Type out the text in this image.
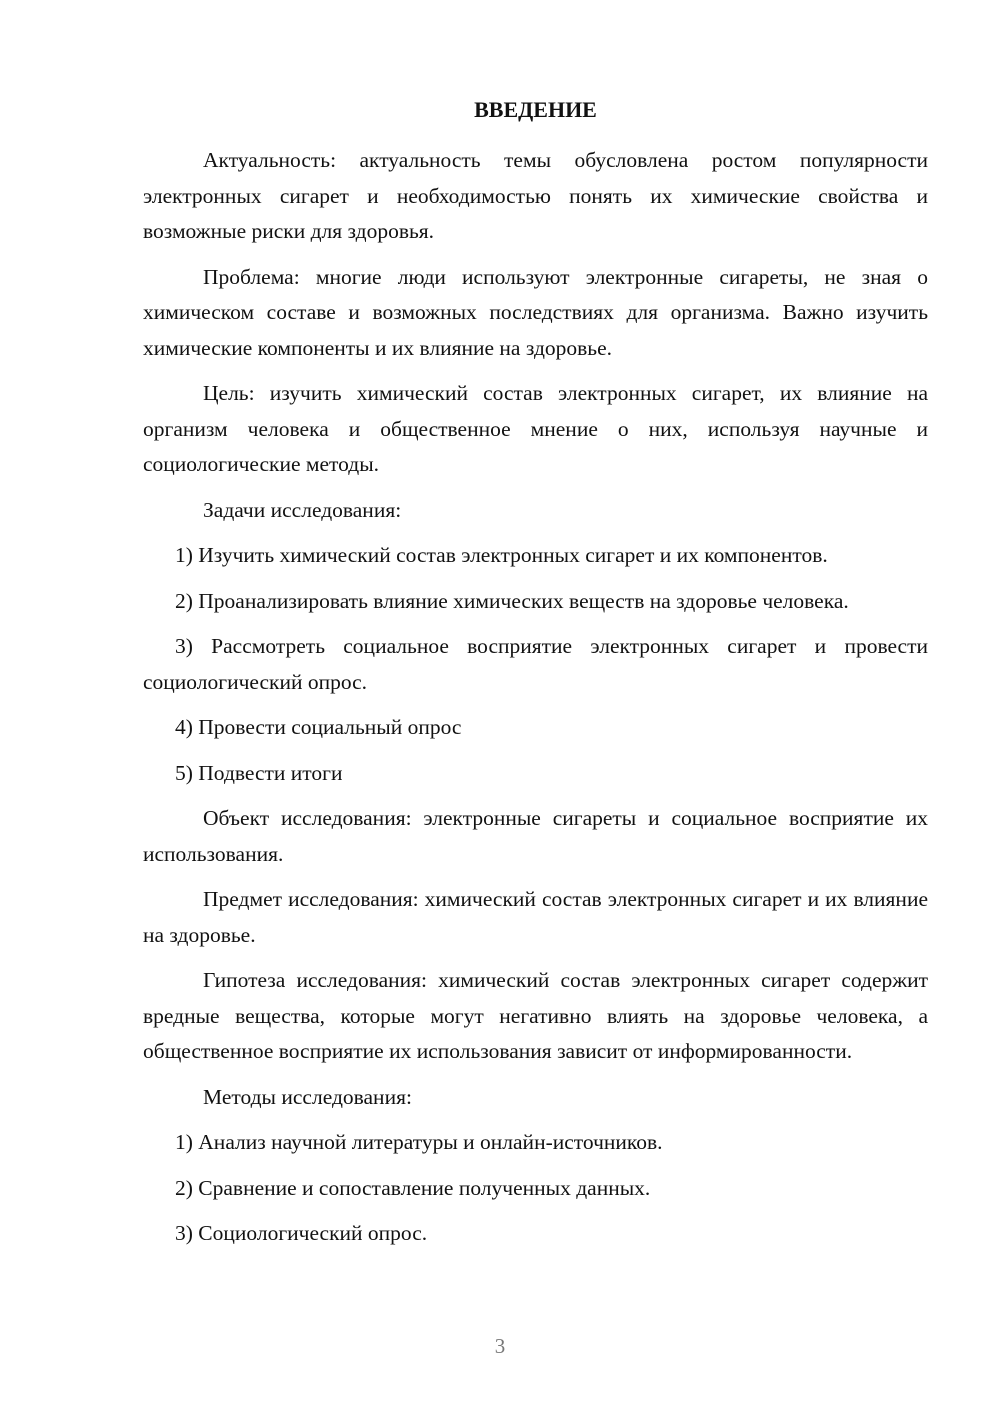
ВВЕДЕНИЕ

Актуальность: актуальность темы обусловлена ростом популярности электронных сигарет и необходимостью понять их химические свойства и возможные риски для здоровья.

Проблема: многие люди используют электронные сигареты, не зная о химическом составе и возможных последствиях для организма. Важно изучить химические компоненты и их влияние на здоровье.

Цель: изучить химический состав электронных сигарет, их влияние на организм человека и общественное мнение о них, используя научные и социологические методы.

Задачи исследования:

1) Изучить химический состав электронных сигарет и их компонентов.

2) Проанализировать влияние химических веществ на здоровье человека.

3) Рассмотреть социальное восприятие электронных сигарет и провести социологический опрос.

4) Провести социальный опрос

5) Подвести итоги

Объект исследования: электронные сигареты и социальное восприятие их использования.

Предмет исследования: химический состав электронных сигарет и их влияние на здоровье.

Гипотеза исследования: химический состав электронных сигарет содержит вредные вещества, которые могут негативно влиять на здоровье человека, а общественное восприятие их использования зависит от информированности.

Методы исследования:

1) Анализ научной литературы и онлайн-источников.

2) Сравнение и сопоставление полученных данных.

3) Социологический опрос.

3
